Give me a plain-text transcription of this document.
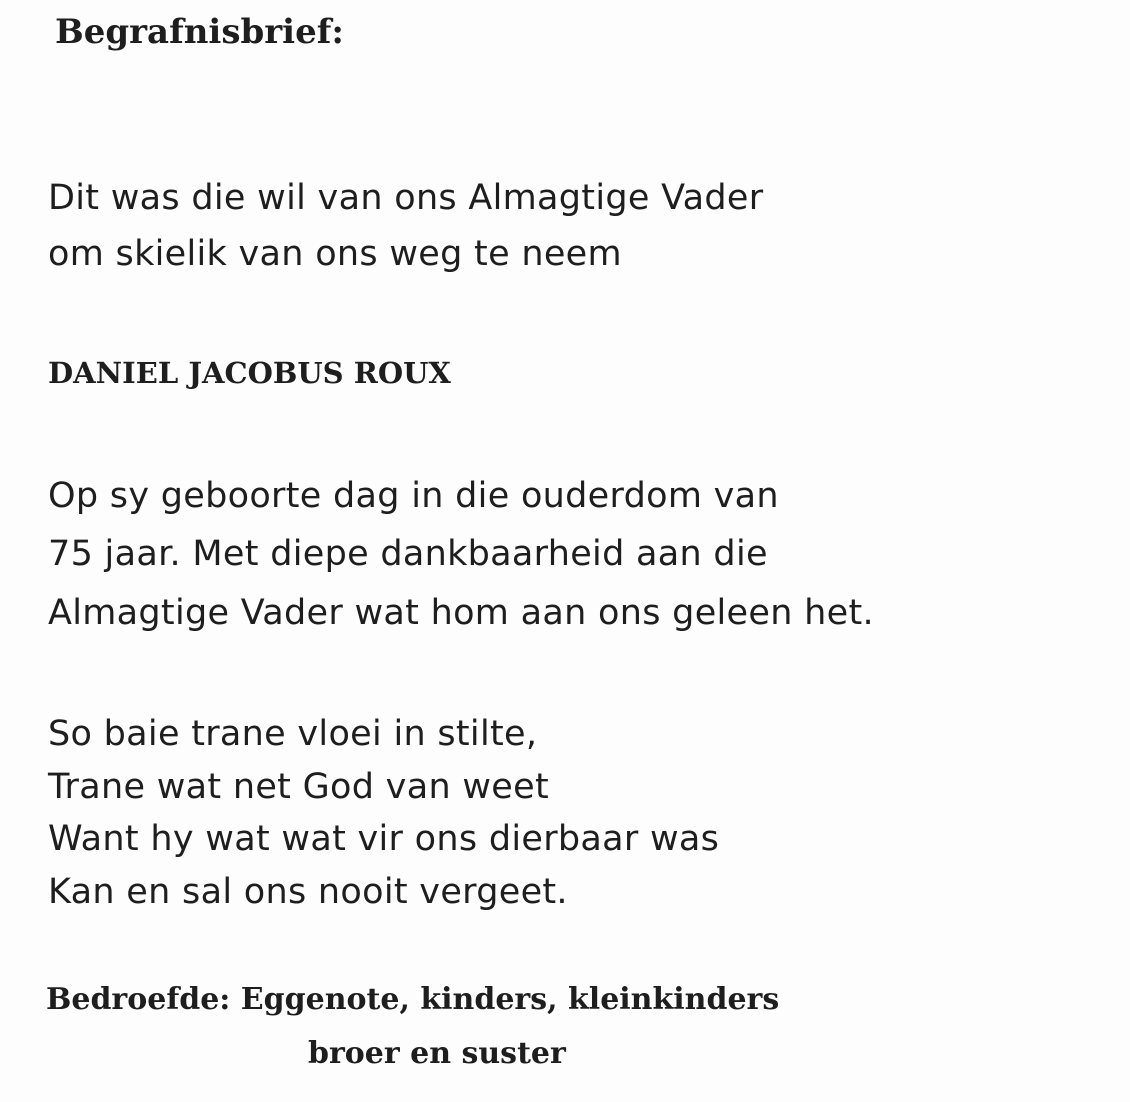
Begrafnisbrief:
Dit was die wil van ons Almagtige Vader
om skielik van ons weg te neem
DANIEL JACOBUS ROUX
Op sy geboorte dag in die ouderdom van
75 jaar. Met diepe dankbaarheid aan die
Almagtige Vader wat hom aan ons geleen het.
So baie trane vloei in stilte,
Trane wat net God van weet
Want hy wat wat vir ons dierbaar was
Kan en sal ons nooit vergeet.
Bedroefde: Eggenote, kinders, kleinkinders
broer en suster
